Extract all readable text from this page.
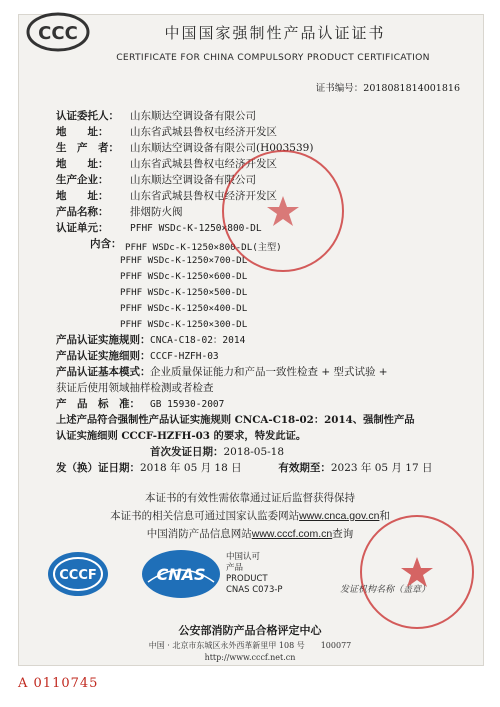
CCC	中国国家强制性产品认证证书
CERTIFICATE FOR CHINA COMPULSORY PRODUCT CERTIFICATION
证书编号：2018081814001816
认证委托人： 山东顺达空调设备有限公司
地　　址： 山东省武城县鲁权屯经济开发区
生　产　者： 山东顺达空调设备有限公司(H003539)
地　　址： 山东省武城县鲁权屯经济开发区
生产企业： 山东顺达空调设备有限公司
地　　址： 山东省武城县鲁权屯经济开发区
产品名称： 排烟防火阀
认证单元： PFHF WSDc-K-1250×800-DL
内含： PFHF WSDc-K-1250×800-DL(主型)
PFHF WSDc-K-1250×700-DL
PFHF WSDc-K-1250×600-DL
PFHF WSDc-K-1250×500-DL
PFHF WSDc-K-1250×400-DL
PFHF WSDc-K-1250×300-DL
产品认证实施规则：CNCA-C18-02：2014
产品认证实施细则：CCCF-HZFH-03
产品认证基本模式：企业质量保证能力和产品一致性检查 + 型式试验 +
获证后使用领域抽样检测或者检查
产　品　标　准： GB 15930-2007
上述产品符合强制性产品认证实施规则 CNCA-C18-02：2014、强制性产品
认证实施细则 CCCF-HZFH-03 的要求，特发此证。
首次发证日期：2018-05-18
发（换）证日期：2018 年 05 月 18 日	有效期至：2023 年 05 月 17 日
本证书的有效性需依靠通过证后监督获得保持
本证书的相关信息可通过国家认监委网站www.cnca.gov.cn和
中国消防产品信息网站www.cccf.com.cn查询
CCCF	CNAS
中国认可
产品
PRODUCT
CNAS C073-P	发证机构名称（盖章）
公安部消防产品合格评定中心
中国 · 北京市东城区永外西革新里甲 108 号　　100077
http://www.cccf.net.cn
A 0110745
